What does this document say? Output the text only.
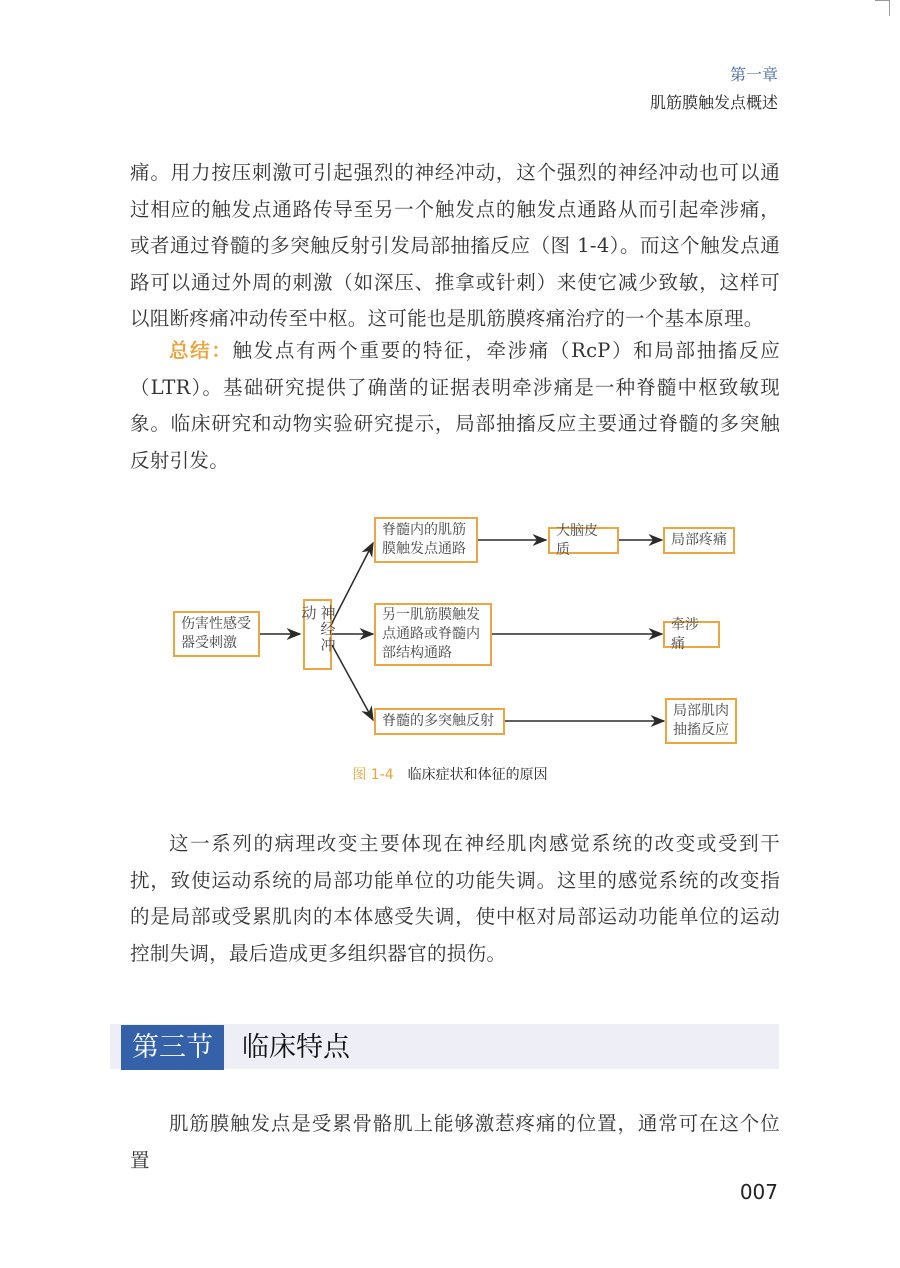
第一章
肌筋膜触发点概述

痛。用力按压刺激可引起强烈的神经冲动，这个强烈的神经冲动也可以通过相应的触发点通路传导至另一个触发点的触发点通路从而引起牵涉痛，或者通过脊髓的多突触反射引发局部抽搐反应（图 1-4）。而这个触发点通路可以通过外周的刺激（如深压、推拿或针刺）来使它减少致敏，这样可以阻断疼痛冲动传至中枢。这可能也是肌筋膜疼痛治疗的一个基本原理。

总结：触发点有两个重要的特征，牵涉痛（RcP）和局部抽搐反应（LTR）。基础研究提供了确凿的证据表明牵涉痛是一种脊髓中枢致敏现象。临床研究和动物实验研究提示，局部抽搐反应主要通过脊髓的多突触反射引发。

伤害性感受器受刺激	神经冲动
脊髓内的肌筋膜触发点通路
另一肌筋膜触发点通路或脊髓内部结构通路
脊髓的多突触反射
大脑皮质
局部疼痛
牵涉痛
局部肌肉抽搐反应
图 1-4 临床症状和体征的原因

这一系列的病理改变主要体现在神经肌肉感觉系统的改变或受到干扰，致使运动系统的局部功能单位的功能失调。这里的感觉系统的改变指的是局部或受累肌肉的本体感受失调，使中枢对局部运动功能单位的运动控制失调，最后造成更多组织器官的损伤。

第三节	临床特点

肌筋膜触发点是受累骨骼肌上能够激惹疼痛的位置，通常可在这个位置

007
